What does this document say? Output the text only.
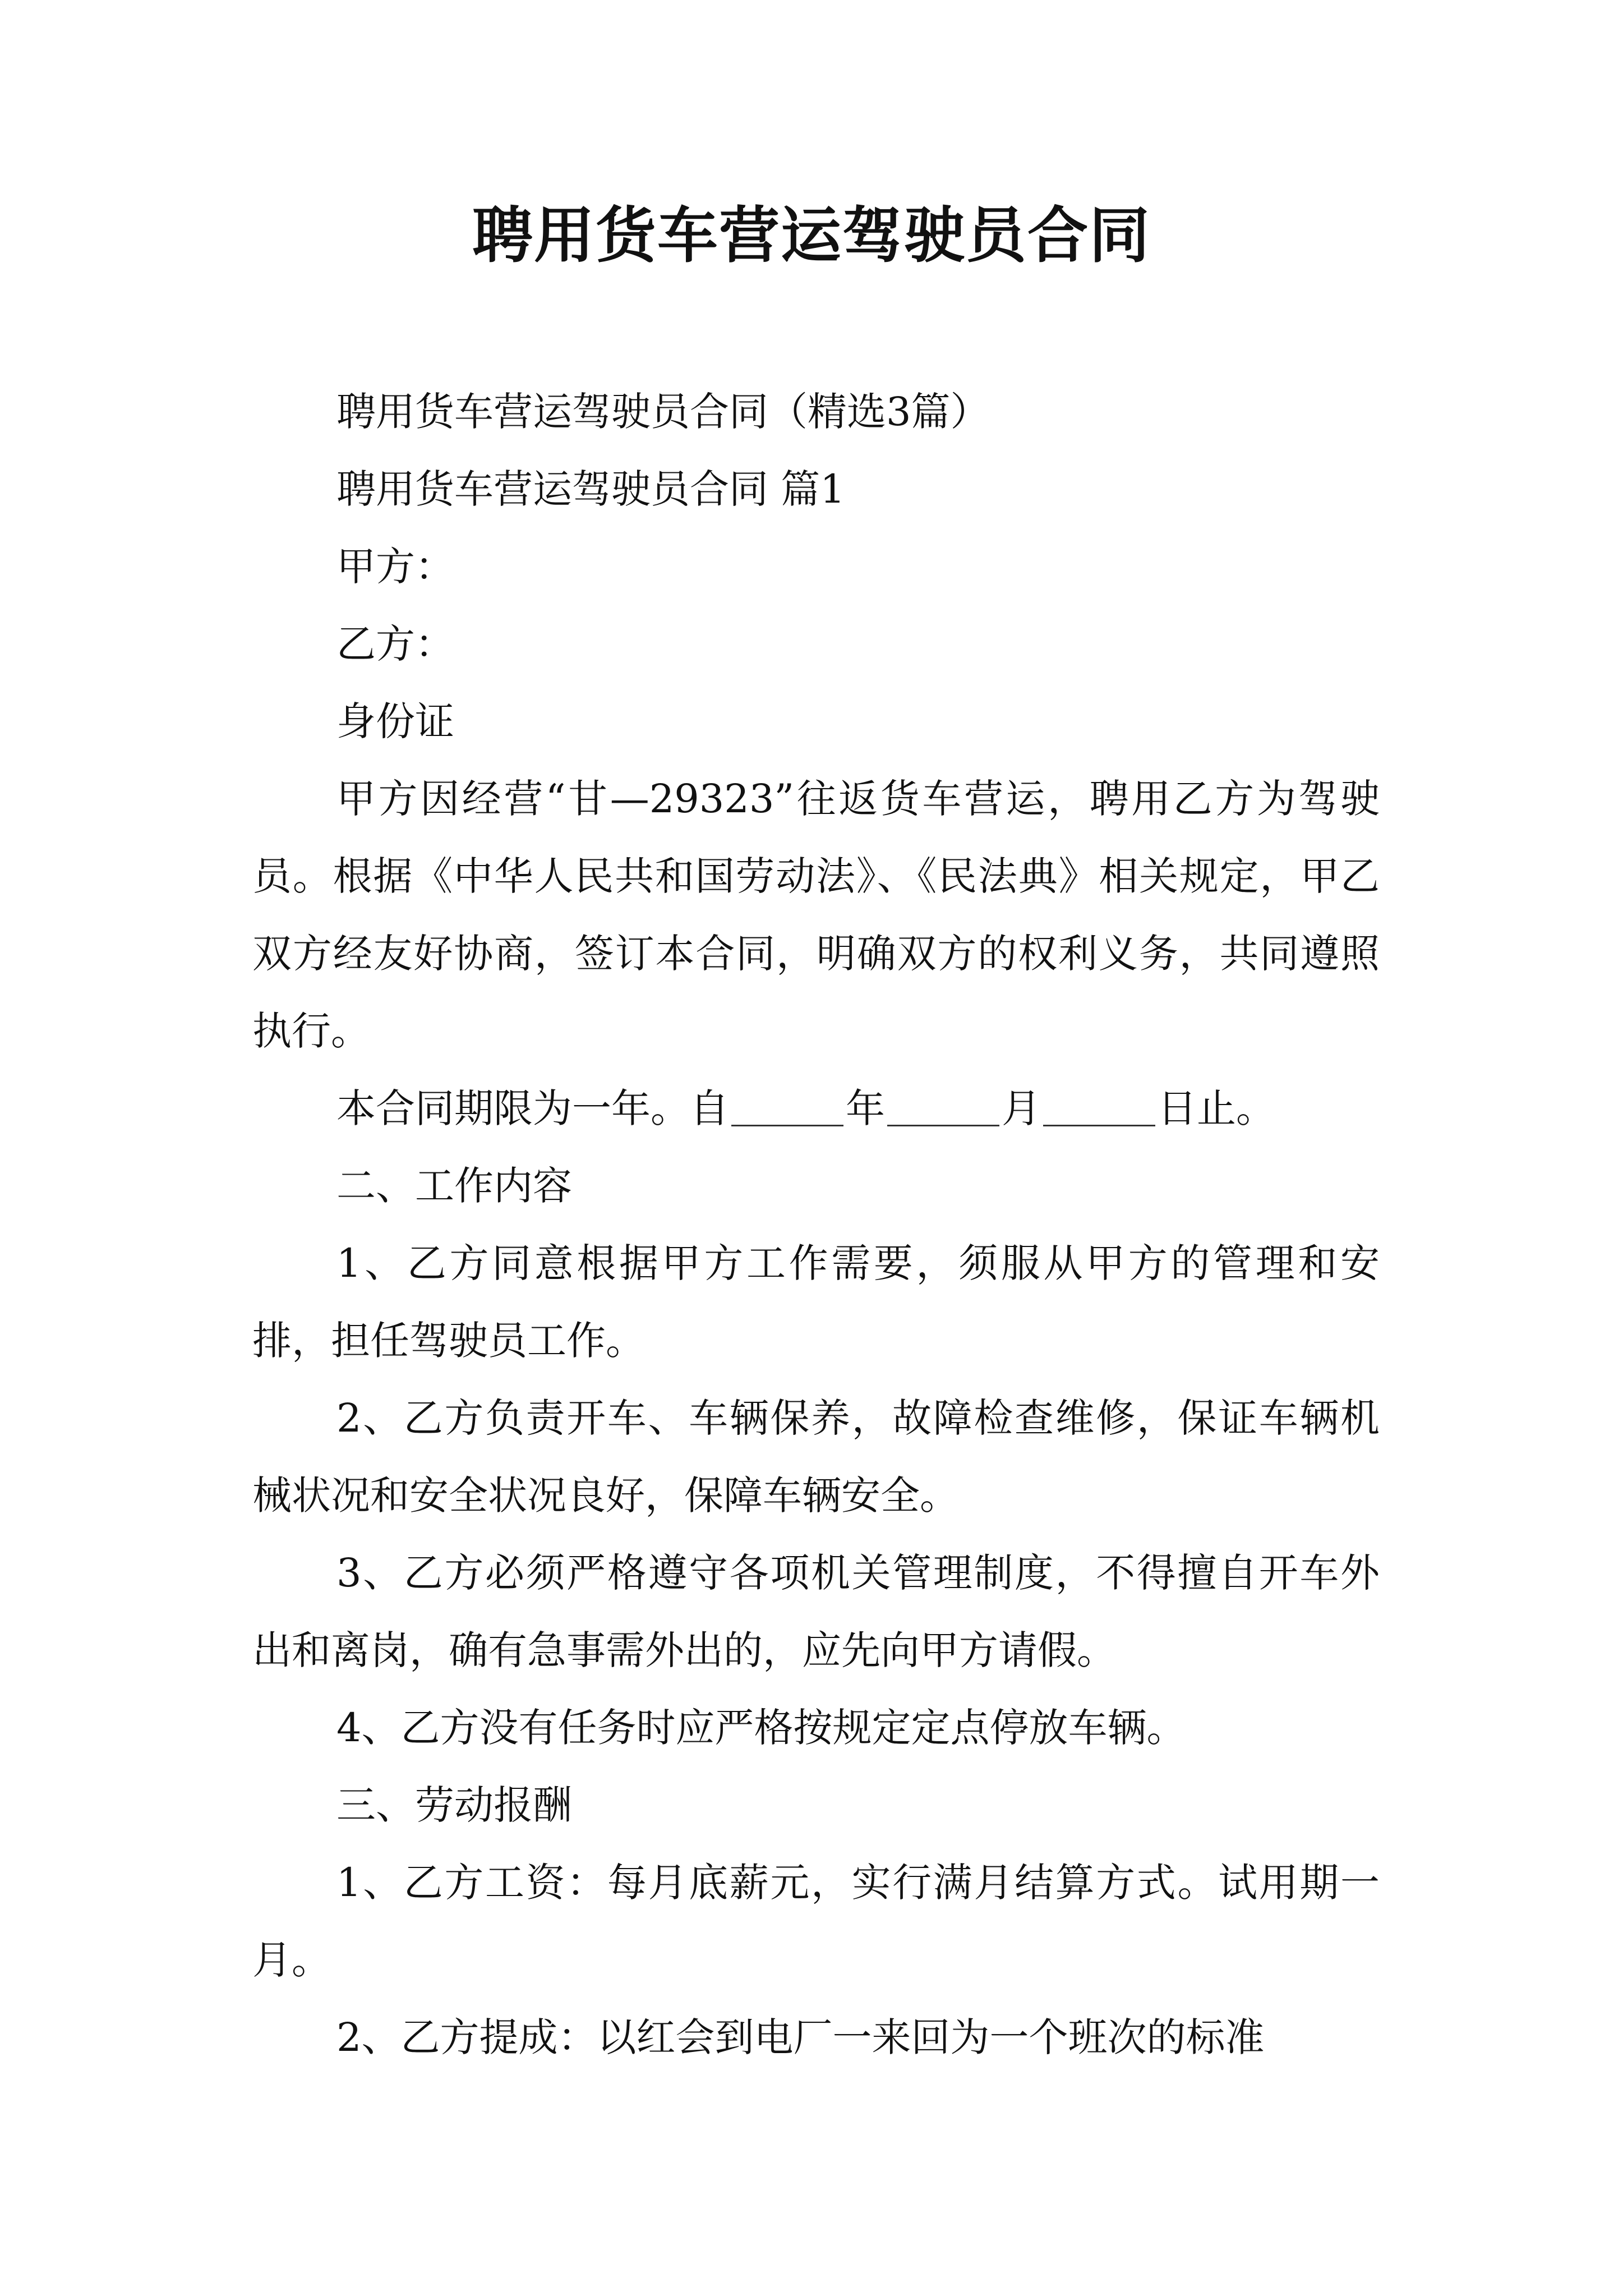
聘用货车营运驾驶员合同

聘用货车营运驾驶员合同（精选3篇）

聘用货车营运驾驶员合同 篇1

甲方：

乙方：

身份证

甲方因经营“甘—29323”往返货车营运，聘用乙方为驾驶员。根据《中华人民共和国劳动法》、《民法典》相关规定，甲乙双方经友好协商，签订本合同，明确双方的权利义务，共同遵照执行。

本合同期限为一年。自	年	月	日止。

二、工作内容

1、乙方同意根据甲方工作需要，须服从甲方的管理和安排，担任驾驶员工作。

2、乙方负责开车、车辆保养，故障检查维修，保证车辆机械状况和安全状况良好，保障车辆安全。

3、乙方必须严格遵守各项机关管理制度，不得擅自开车外出和离岗，确有急事需外出的，应先向甲方请假。

4、乙方没有任务时应严格按规定定点停放车辆。

三、劳动报酬

1、乙方工资：每月底薪元，实行满月结算方式。试用期一月。

2、乙方提成：以红会到电厂一来回为一个班次的标准
